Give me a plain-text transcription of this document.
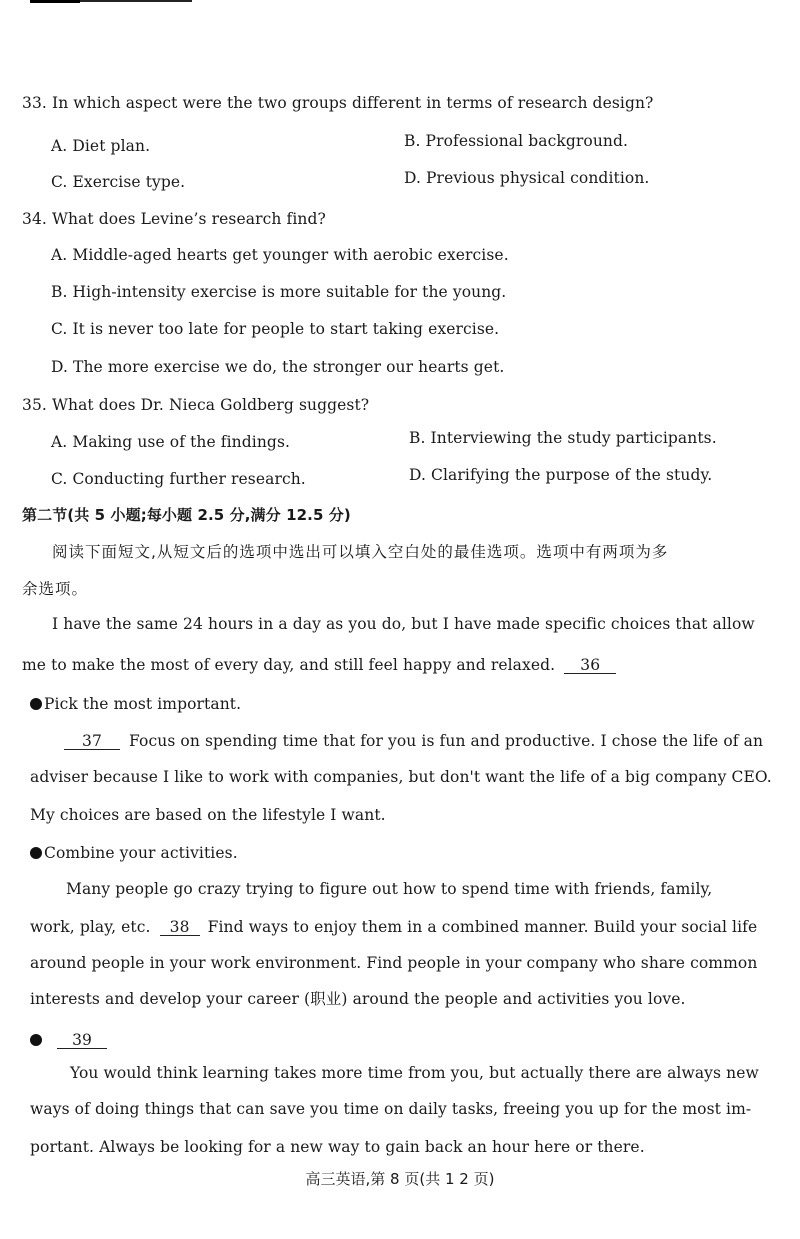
33. In which aspect were the two groups different in terms of research design?
A. Diet plan.	B. Professional background.
C. Exercise type.	D. Previous physical condition.
34. What does Levine’s research find?
A. Middle-aged hearts get younger with aerobic exercise.
B. High-intensity exercise is more suitable for the young.
C. It is never too late for people to start taking exercise.
D. The more exercise we do, the stronger our hearts get.
35. What does Dr. Nieca Goldberg suggest?
A. Making use of the findings.	B. Interviewing the study participants.
C. Conducting further research.	D. Clarifying the purpose of the study.
第二节(共 5 小题;每小题 2.5 分,满分 12.5 分)
阅读下面短文,从短文后的选项中选出可以填入空白处的最佳选项。选项中有两项为多
余选项。
I have the same 24 hours in a day as you do, but I have made specific choices that allow
me to make the most of every day, and still feel happy and relaxed. 36
Pick the most important.
37 Focus on spending time that for you is fun and productive. I chose the life of an
adviser because I like to work with companies, but don't want the life of a big company CEO.
My choices are based on the lifestyle I want.
Combine your activities.
Many people go crazy trying to figure out how to spend time with friends, family,
work, play, etc. 38 Find ways to enjoy them in a combined manner. Build your social life
around people in your work environment. Find people in your company who share common
interests and develop your career (职业) around the people and activities you love.
39
You would think learning takes more time from you, but actually there are always new
ways of doing things that can save you time on daily tasks, freeing you up for the most im-
portant. Always be looking for a new way to gain back an hour here or there.
高三英语,第 8 页(共 1 2 页)
